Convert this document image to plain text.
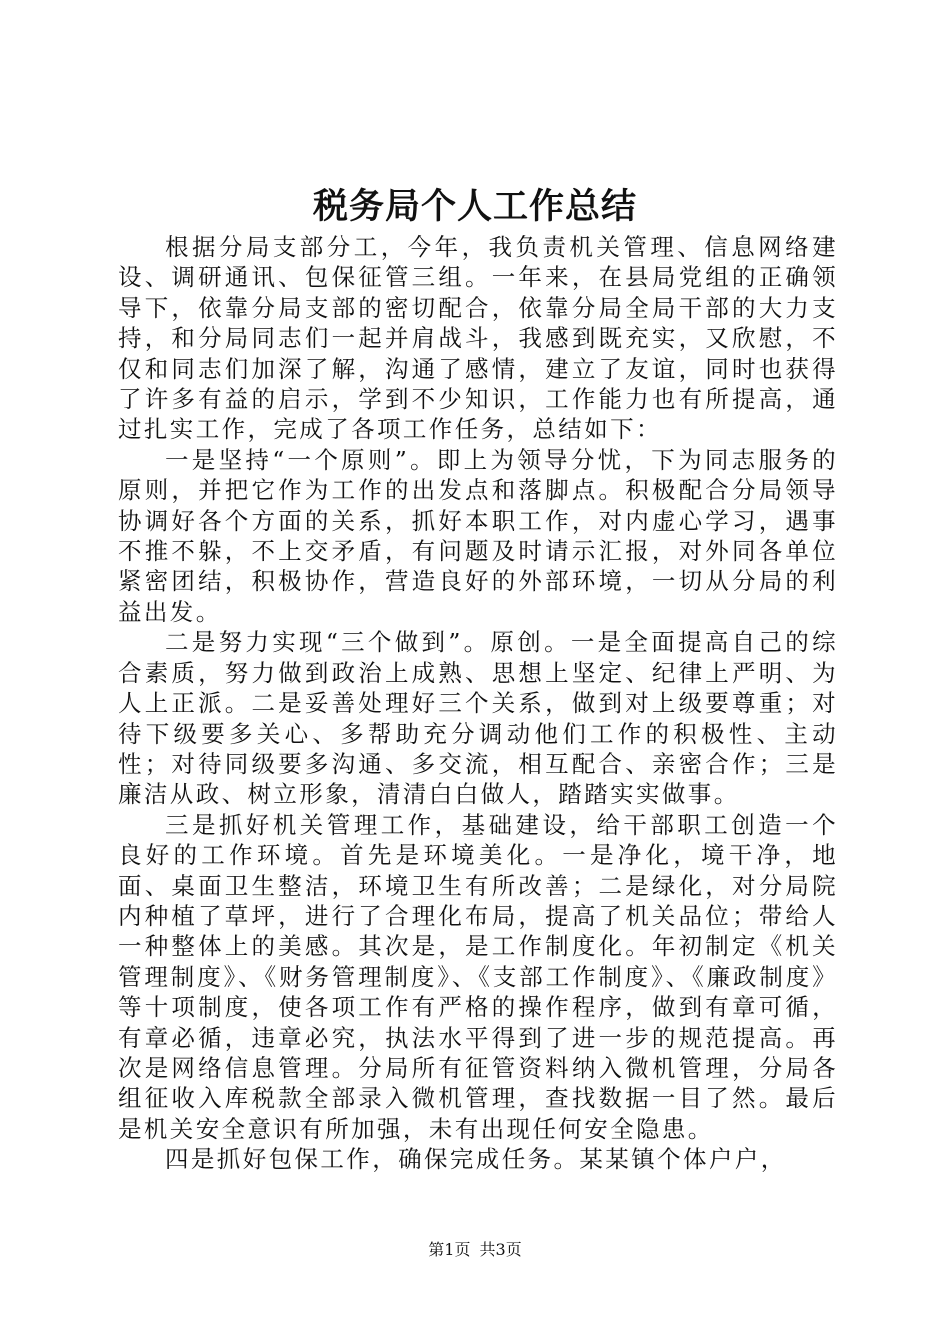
税务局个人工作总结

根据分局支部分工，今年，我负责机关管理、信息网络建设、调研通讯、包保征管三组。一年来，在县局党组的正确领导下，依靠分局支部的密切配合，依靠分局全局干部的大力支持，和分局同志们一起并肩战斗，我感到既充实，又欣慰，不仅和同志们加深了解，沟通了感情，建立了友谊，同时也获得了许多有益的启示，学到不少知识，工作能力也有所提高，通过扎实工作，完成了各项工作任务，总结如下：

一是坚持“一个原则”。即上为领导分忧，下为同志服务的原则，并把它作为工作的出发点和落脚点。积极配合分局领导协调好各个方面的关系，抓好本职工作，对内虚心学习，遇事不推不躲，不上交矛盾，有问题及时请示汇报，对外同各单位紧密团结，积极协作，营造良好的外部环境，一切从分局的利益出发。

二是努力实现“三个做到”。原创。一是全面提高自己的综合素质，努力做到政治上成熟、思想上坚定、纪律上严明、为人上正派。二是妥善处理好三个关系，做到对上级要尊重；对待下级要多关心、多帮助充分调动他们工作的积极性、主动性；对待同级要多沟通、多交流，相互配合、亲密合作；三是廉洁从政、树立形象，清清白白做人，踏踏实实做事。

三是抓好机关管理工作，基础建设，给干部职工创造一个良好的工作环境。首先是环境美化。一是净化，境干净，地面、桌面卫生整洁，环境卫生有所改善；二是绿化，对分局院内种植了草坪，进行了合理化布局，提高了机关品位；带给人一种整体上的美感。其次是，是工作制度化。年初制定《机关管理制度》、《财务管理制度》、《支部工作制度》、《廉政制度》等十项制度，使各项工作有严格的操作程序，做到有章可循，有章必循，违章必究，执法水平得到了进一步的规范提高。再次是网络信息管理。分局所有征管资料纳入微机管理，分局各组征收入库税款全部录入微机管理，查找数据一目了然。最后是机关安全意识有所加强，未有出现任何安全隐患。

四是抓好包保工作，确保完成任务。某某镇个体户户，

第1页 共3页
